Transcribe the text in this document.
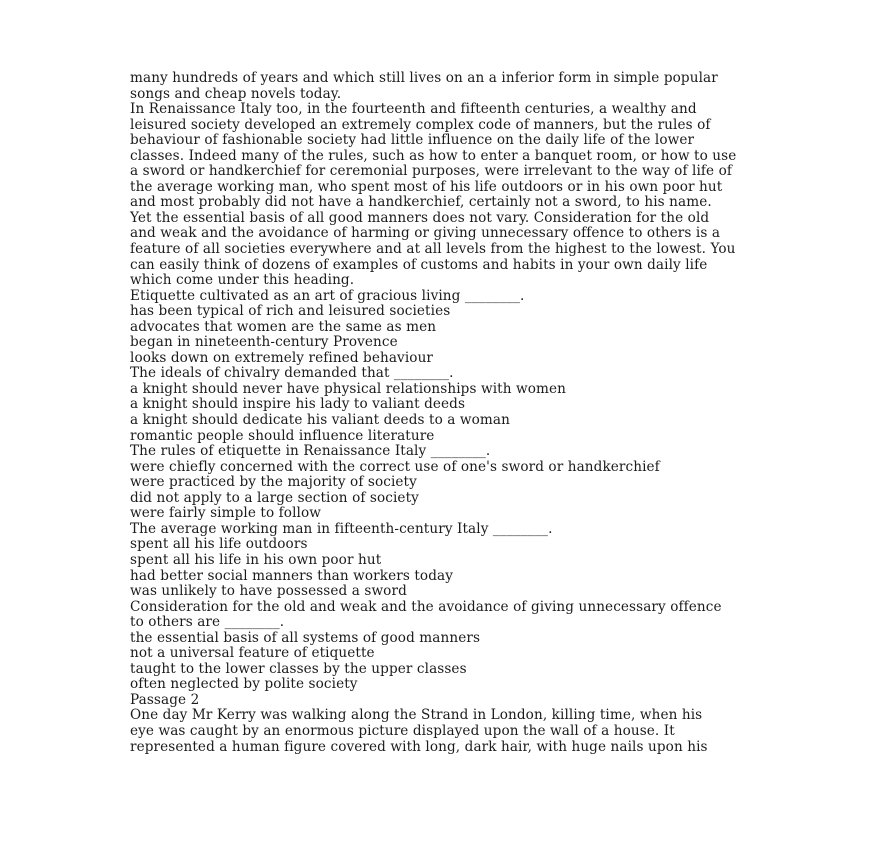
many hundreds of years and which still lives on an a inferior form in simple popular
songs and cheap novels today.
In Renaissance Italy too, in the fourteenth and fifteenth centuries, a wealthy and
leisured society developed an extremely complex code of manners, but the rules of
behaviour of fashionable society had little influence on the daily life of the lower
classes. Indeed many of the rules, such as how to enter a banquet room, or how to use
a sword or handkerchief for ceremonial purposes, were irrelevant to the way of life of
the average working man, who spent most of his life outdoors or in his own poor hut
and most probably did not have a handkerchief, certainly not a sword, to his name.
Yet the essential basis of all good manners does not vary. Consideration for the old
and weak and the avoidance of harming or giving unnecessary offence to others is a
feature of all societies everywhere and at all levels from the highest to the lowest. You
can easily think of dozens of examples of customs and habits in your own daily life
which come under this heading.
Etiquette cultivated as an art of gracious living ________.
has been typical of rich and leisured societies
advocates that women are the same as men
began in nineteenth-century Provence
looks down on extremely refined behaviour
The ideals of chivalry demanded that ________.
a knight should never have physical relationships with women
a knight should inspire his lady to valiant deeds
a knight should dedicate his valiant deeds to a woman
romantic people should influence literature
The rules of etiquette in Renaissance Italy ________.
were chiefly concerned with the correct use of one's sword or handkerchief
were practiced by the majority of society
did not apply to a large section of society
were fairly simple to follow
The average working man in fifteenth-century Italy ________.
spent all his life outdoors
spent all his life in his own poor hut
had better social manners than workers today
was unlikely to have possessed a sword
Consideration for the old and weak and the avoidance of giving unnecessary offence
to others are ________.
the essential basis of all systems of good manners
not a universal feature of etiquette
taught to the lower classes by the upper classes
often neglected by polite society
Passage 2
One day Mr Kerry was walking along the Strand in London, killing time, when his
eye was caught by an enormous picture displayed upon the wall of a house. It
represented a human figure covered with long, dark hair, with huge nails upon his
